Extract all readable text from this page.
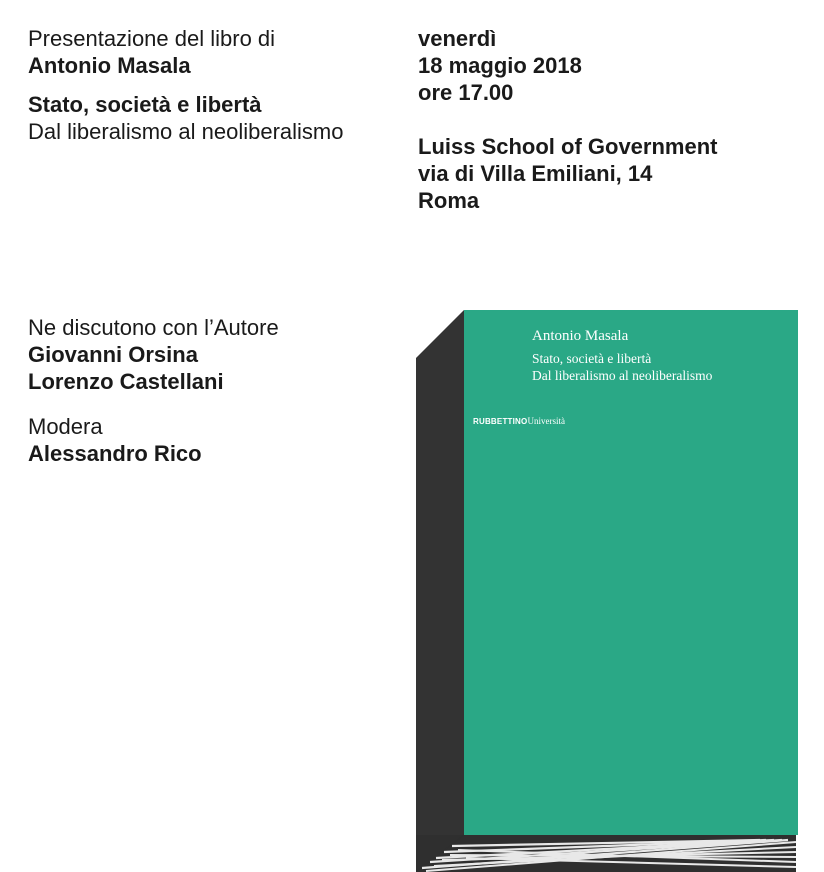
Presentazione del libro di
Antonio Masala
Stato, società e libertà
Dal liberalismo al neoliberalismo
venerdì
18 maggio 2018
ore 17.00
Luiss School of Government
via di Villa Emiliani, 14
Roma
Ne discutono con l’Autore
Giovanni Orsina
Lorenzo Castellani
Modera
Alessandro Rico
Antonio Masala
Stato, società e libertà
Dal liberalismo al neoliberalismo
RUBBETTINOUniversità
